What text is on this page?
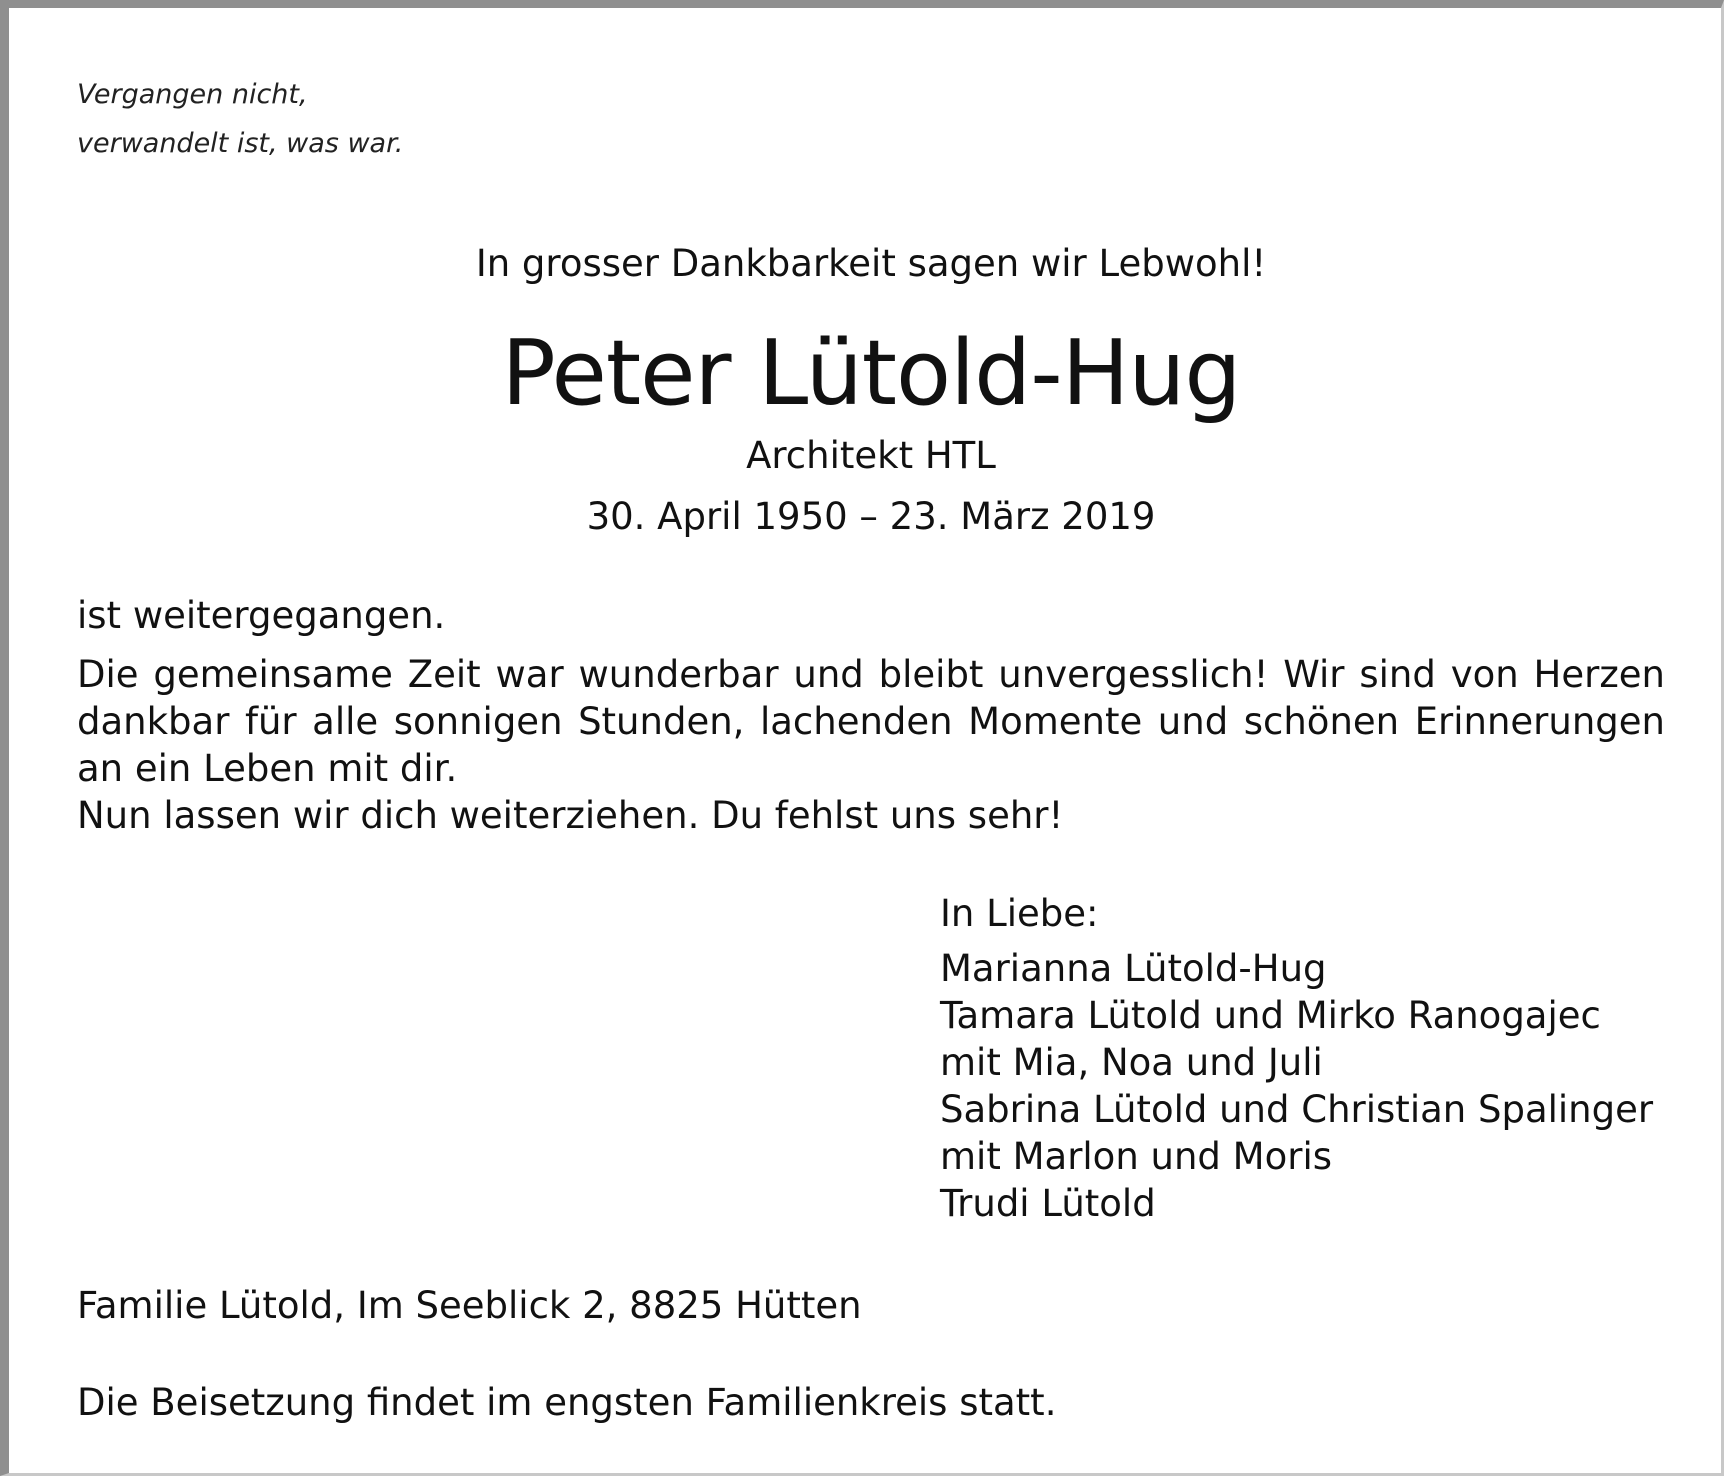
Vergangen nicht,
verwandelt ist, was war.
In grosser Dankbarkeit sagen wir Lebwohl!
Peter Lütold-Hug
Architekt HTL
30. April 1950 – 23. März 2019

ist weitergegangen.

Die gemeinsame Zeit war wunderbar und bleibt unvergesslich! Wir sind von Herzen dankbar für alle sonnigen Stunden, lachenden Momente und schönen Erinnerungen an ein Leben mit dir.

Nun lassen wir dich weiterziehen. Du fehlst uns sehr!

In Liebe:
Marianna Lütold-Hug
Tamara Lütold und Mirko Ranogajec
mit Mia, Noa und Juli
Sabrina Lütold und Christian Spalinger
mit Marlon und Moris
Trudi Lütold
Familie Lütold, Im Seeblick 2, 8825 Hütten
Die Beisetzung findet im engsten Familienkreis statt.
